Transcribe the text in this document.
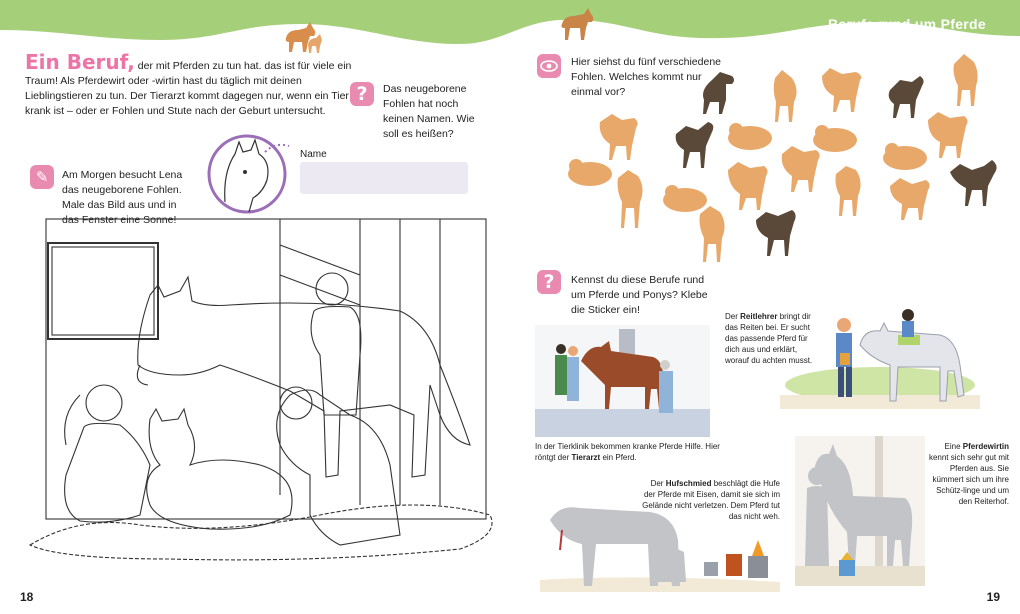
Berufe rund um Pferde
Ein Beruf, der mit Pferden zu tun hat. das ist für viele ein Traum! Als Pferdewirt oder -wirtin hast du täglich mit deinen Lieblingstieren zu tun. Der Tierarzt kommt dagegen nur, wenn ein Tier krank ist – oder er Fohlen und Stute nach der Geburt untersucht.
?	Das neugeborene Fohlen hat noch keinen Namen. Wie soll es heißen?
Name
✎	Am Morgen besucht Lena das neugeborene Fohlen. Male das Bild aus und in das Fenster eine Sonne!
18
Hier siehst du fünf verschiedene Fohlen. Welches kommt nur einmal vor?
?	Kennst du diese Berufe rund um Pferde und Ponys? Klebe die Sticker ein!
Der Reitlehrer bringt dir das Reiten bei. Er sucht das passende Pferd für dich aus und erklärt, worauf du achten musst.
In der Tierklinik bekommen kranke Pferde Hilfe. Hier röntgt der Tierarzt ein Pferd.
Der Hufschmied beschlägt die Hufe der Pferde mit Eisen, damit sie sich im Gelände nicht verletzen. Dem Pferd tut das nicht weh.
Eine Pferdewirtin kennt sich sehr gut mit Pferden aus. Sie kümmert sich um ihre Schütz-linge und um den Reiterhof.
19
